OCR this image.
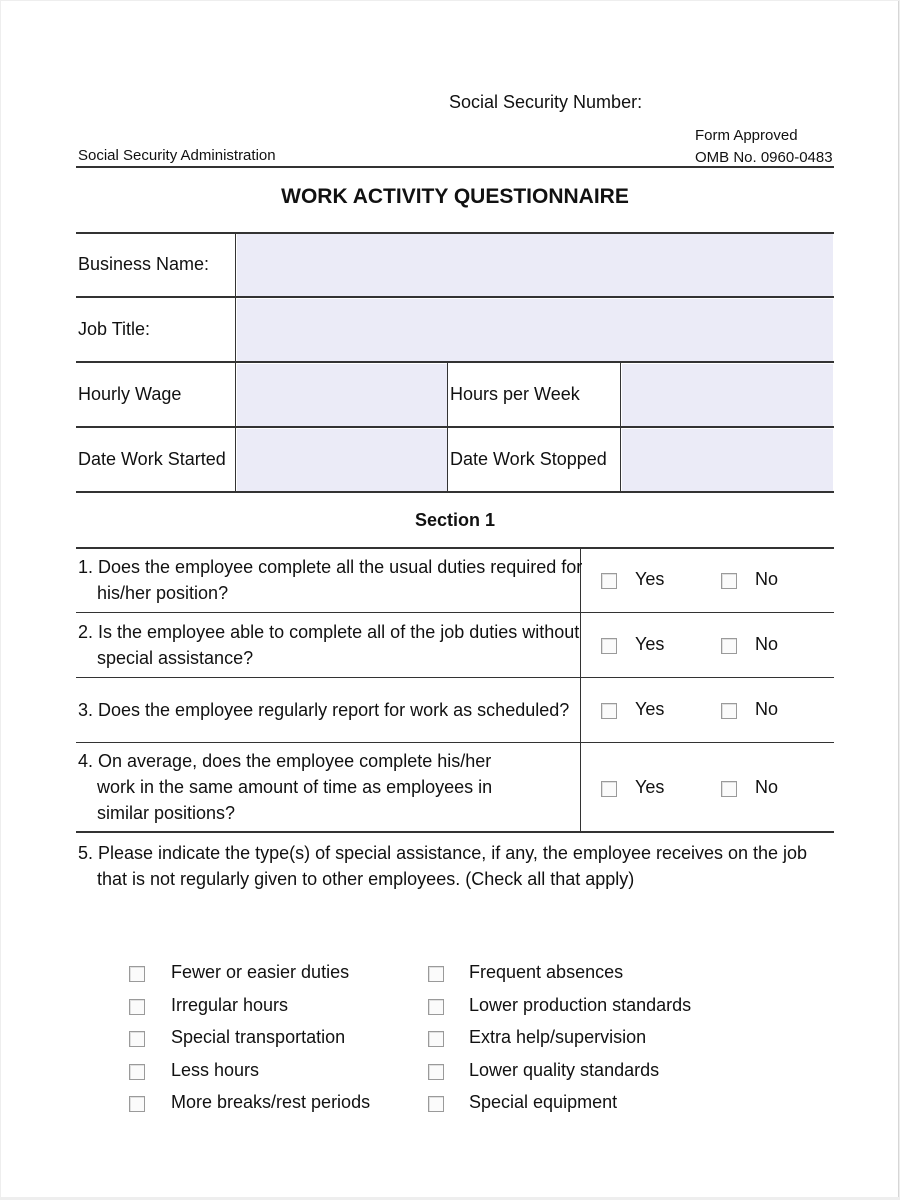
Social Security Number:
Form Approved
Social Security Administration	OMB No. 0960-0483
WORK ACTIVITY QUESTIONNAIRE
Business Name:
Job Title:
Hourly Wage	Hours per Week
Date Work Started	Date Work Stopped
Section 1
1. Does the employee complete all the usual duties required for
his/her position?
Yes	No
2. Is the employee able to complete all of the job duties without
special assistance?
Yes	No
3. Does the employee regularly report for work as scheduled?	Yes	No
4. On average, does the employee complete his/her
work in the same amount of time as employees in
similar positions?
Yes	No
5. Please indicate the type(s) of special assistance, if any, the employee receives on the job
that is not regularly given to other employees. (Check all that apply)
Fewer or easier duties
Irregular hours
Special transportation
Less hours
More breaks/rest periods
Frequent absences
Lower production standards
Extra help/supervision
Lower quality standards
Special equipment
